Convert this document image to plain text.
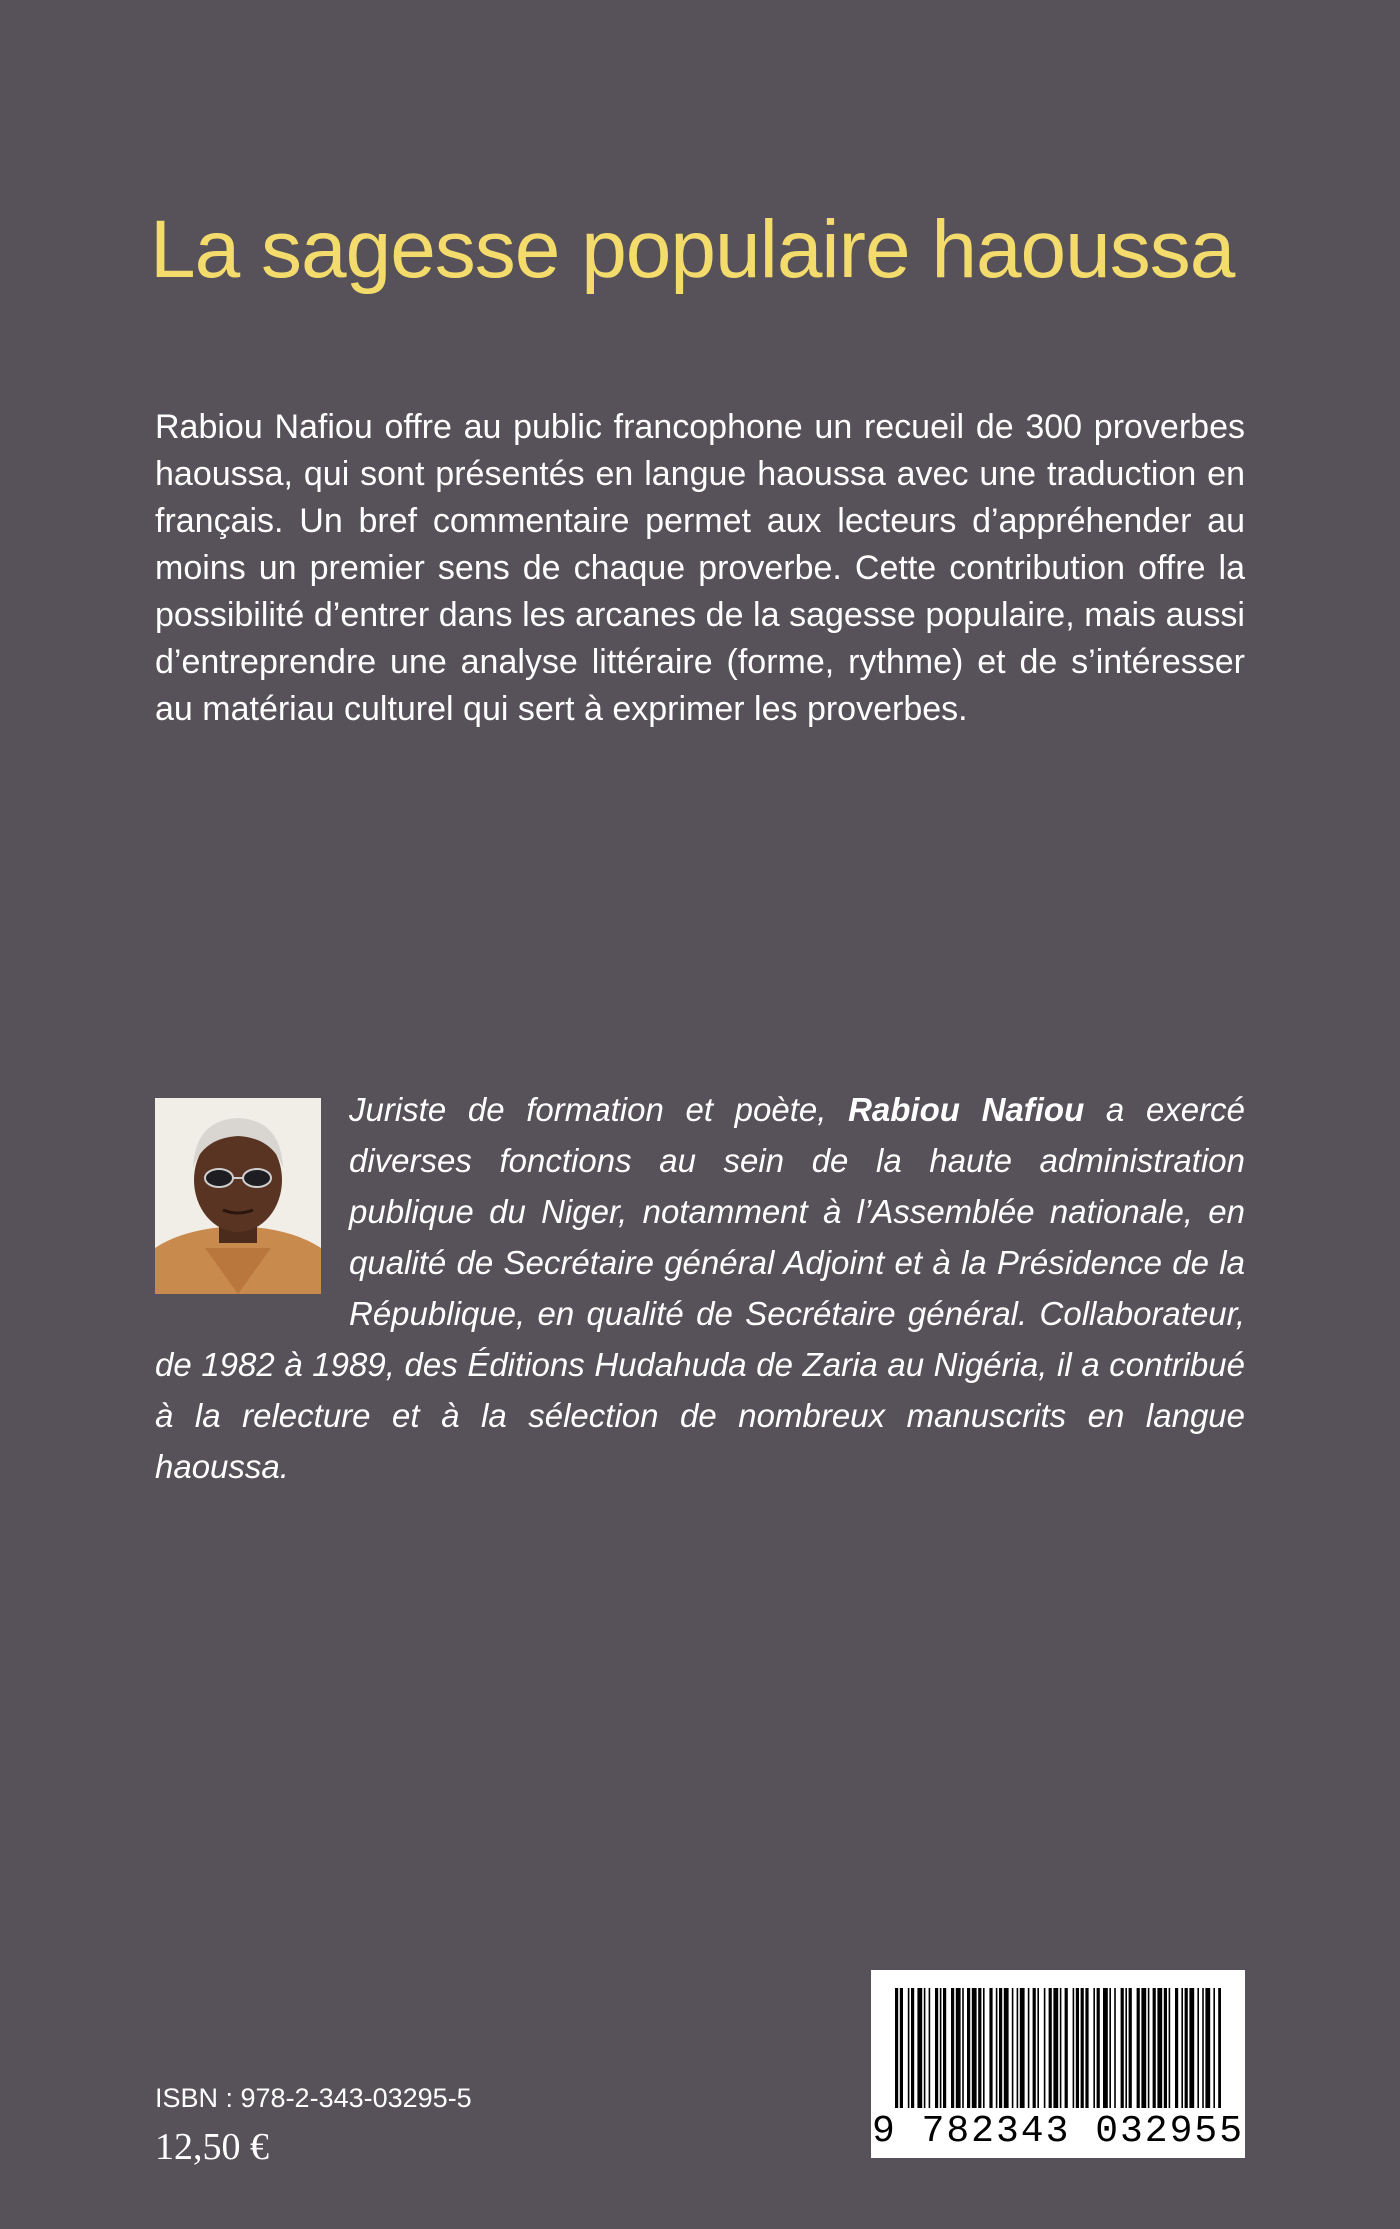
La sagesse populaire haoussa

Rabiou Nafiou offre au public francophone un recueil de 300 proverbes haoussa, qui sont présentés en langue haoussa avec une traduction en français. Un bref commentaire permet aux lecteurs d’appréhender au moins un premier sens de chaque proverbe. Cette contribution offre la possibilité d’entrer dans les arcanes de la sagesse populaire, mais aussi d’entreprendre une analyse littéraire (forme, rythme) et de s’intéresser au matériau culturel qui sert à exprimer les proverbes.

Juriste de formation et poète, Rabiou Nafiou a exercé diverses fonctions au sein de la haute administration publique du Niger, notamment à l’Assemblée nationale, en qualité de Secrétaire général Adjoint et à la Présidence de la République, en qualité de Secrétaire général. Collaborateur, de 1982 à 1989, des Éditions Hudahuda de Zaria au Nigéria, il a contribué à la relecture et à la sélection de nombreux manuscrits en langue haoussa.
ISBN : 978-2-343-03295-5
12,50 €	9 782343 032955
